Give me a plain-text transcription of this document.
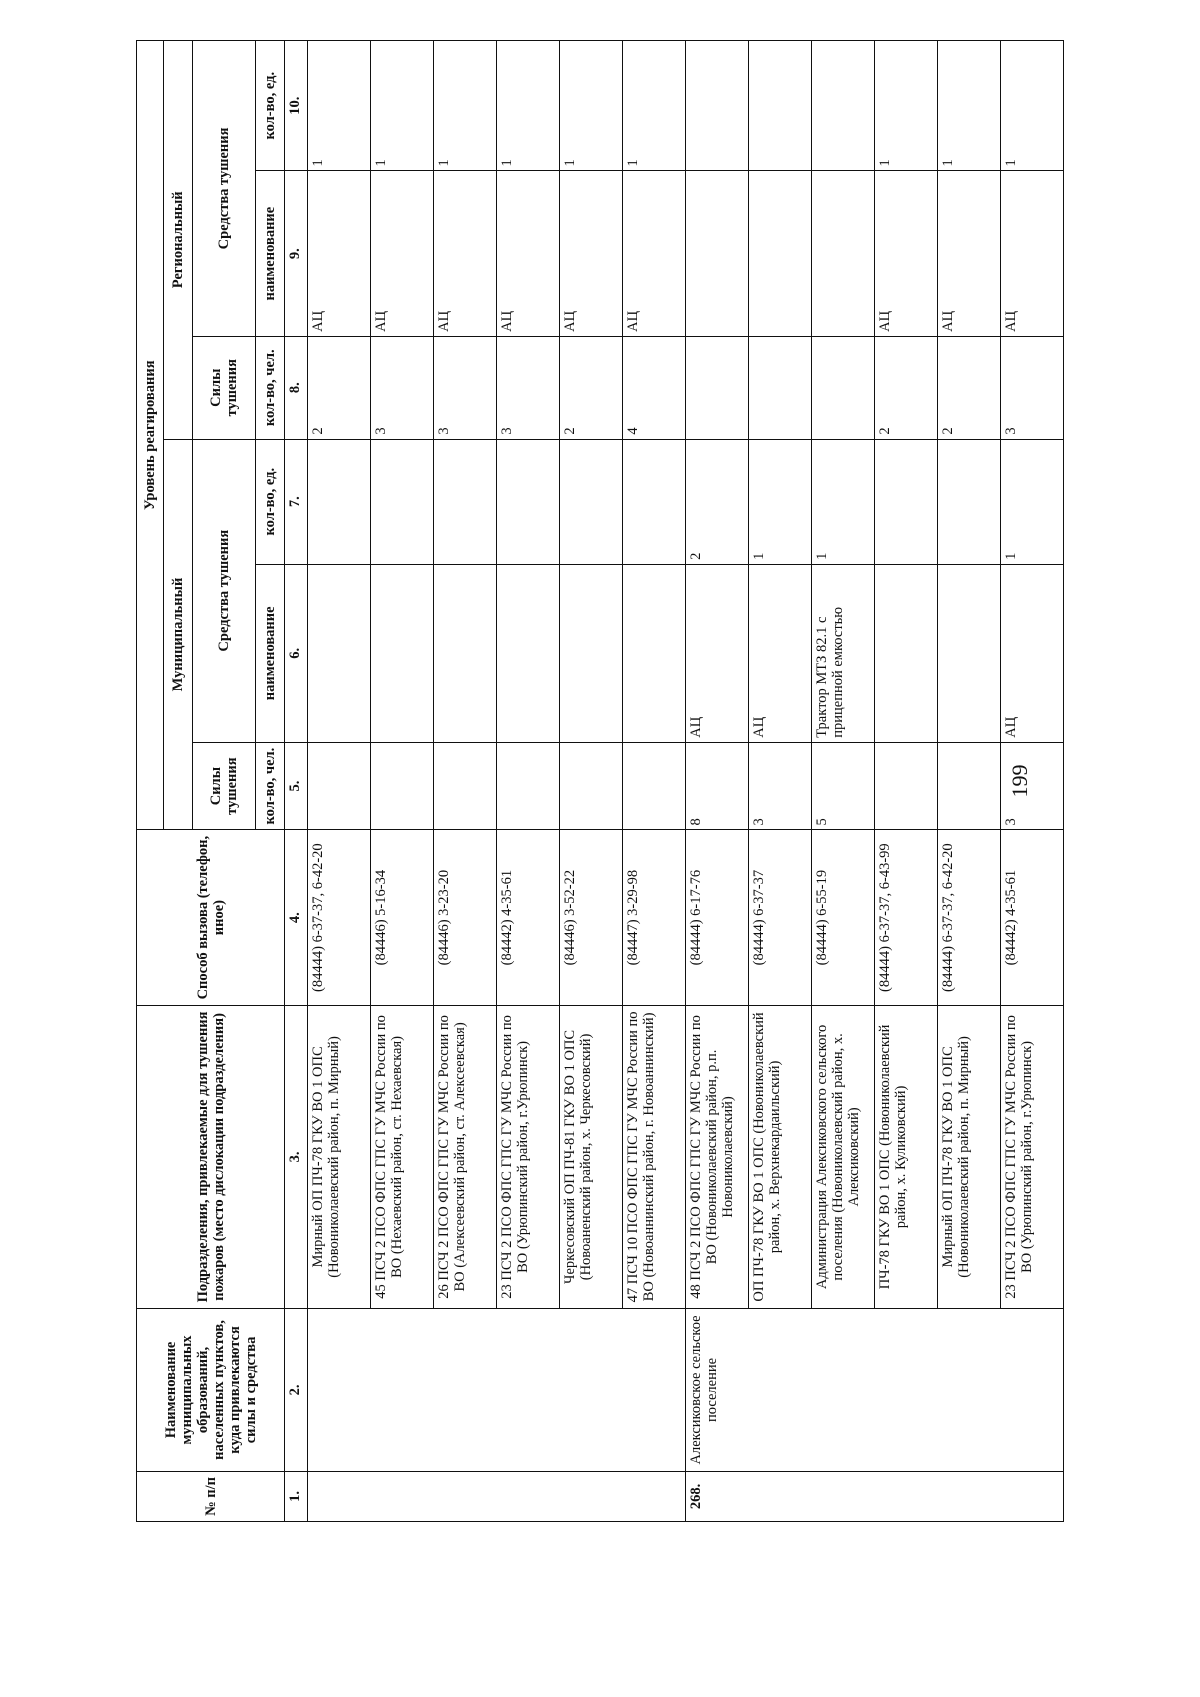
199
№ п/п	Наименование муниципальных образований, населенных пунктов, куда привлекаются силы и средства	Подразделения, привлекаемые для тушения пожаров (место дислокации подразделения)	Способ вызова (телефон, иное)	Уровень реагирования					
				Муниципальный			Региональный		
				Силы тушения	Средства тушения		Силы тушения	Средства тушения	
				кол-во, чел.	наименование	кол-во, ед.	кол-во, чел.	наименование	кол-во, ед.
1.	2.	3.	4.	5.	6.	7.	8.	9.	10.
		Мирный ОП ПЧ-78 ГКУ ВО 1 ОПС (Новониколаевский район, п. Мирный)	(84444) 6-37-37, 6-42-20				2	АЦ	1
		45 ПСЧ 2 ПСО ФПС ГПС ГУ МЧС России по ВО (Нехаевский район, ст. Нехаевская)	(84446) 5-16-34				3	АЦ	1
		26 ПСЧ 2 ПСО ФПС ГПС ГУ МЧС России по ВО (Алексеевский район, ст. Алексеевская)	(84446) 3-23-20				3	АЦ	1
		23 ПСЧ 2 ПСО ФПС ГПС ГУ МЧС России по ВО (Урюпинский район, г.Урюпинск)	(84442) 4-35-61				3	АЦ	1
		Черкесовский ОП ПЧ-81 ГКУ ВО 1 ОПС (Новоаненский район, х. Черкесовский)	(84446) 3-52-22				2	АЦ	1
		47 ПСЧ 10 ПСО ФПС ГПС ГУ МЧС России по ВО (Новоаннинский район, г. Новоаннинский)	(84447) 3-29-98				4	АЦ	1
268.	Алексиковское сельское поселение	48 ПСЧ 2 ПСО ФПС ГПС ГУ МЧС России по ВО (Новониколаевский район, р.п. Новониколаевский)	(84444) 6-17-76	8	АЦ	2			
		ОП ПЧ-78 ГКУ ВО 1 ОПС (Новониколаевский район, х. Верхнекардаильский)	(84444) 6-37-37	3	АЦ	1			
		Администрация Алексиковского сельского поселения (Новониколаевский район, х. Алексиковский)	(84444) 6-55-19	5	Трактор МТЗ 82.1 с прицепной емкостью	1			
		ПЧ-78 ГКУ ВО 1 ОПС (Новониколаевский район, х. Куликовский)	(84444) 6-37-37, 6-43-99				2	АЦ	1
		Мирный ОП ПЧ-78 ГКУ ВО 1 ОПС (Новониколаевский район, п. Мирный)	(84444) 6-37-37, 6-42-20				2	АЦ	1
		23 ПСЧ 2 ПСО ФПС ГПС ГУ МЧС России по ВО (Урюпинский район, г.Урюпинск)	(84442) 4-35-61	3	АЦ	1	3	АЦ	1
